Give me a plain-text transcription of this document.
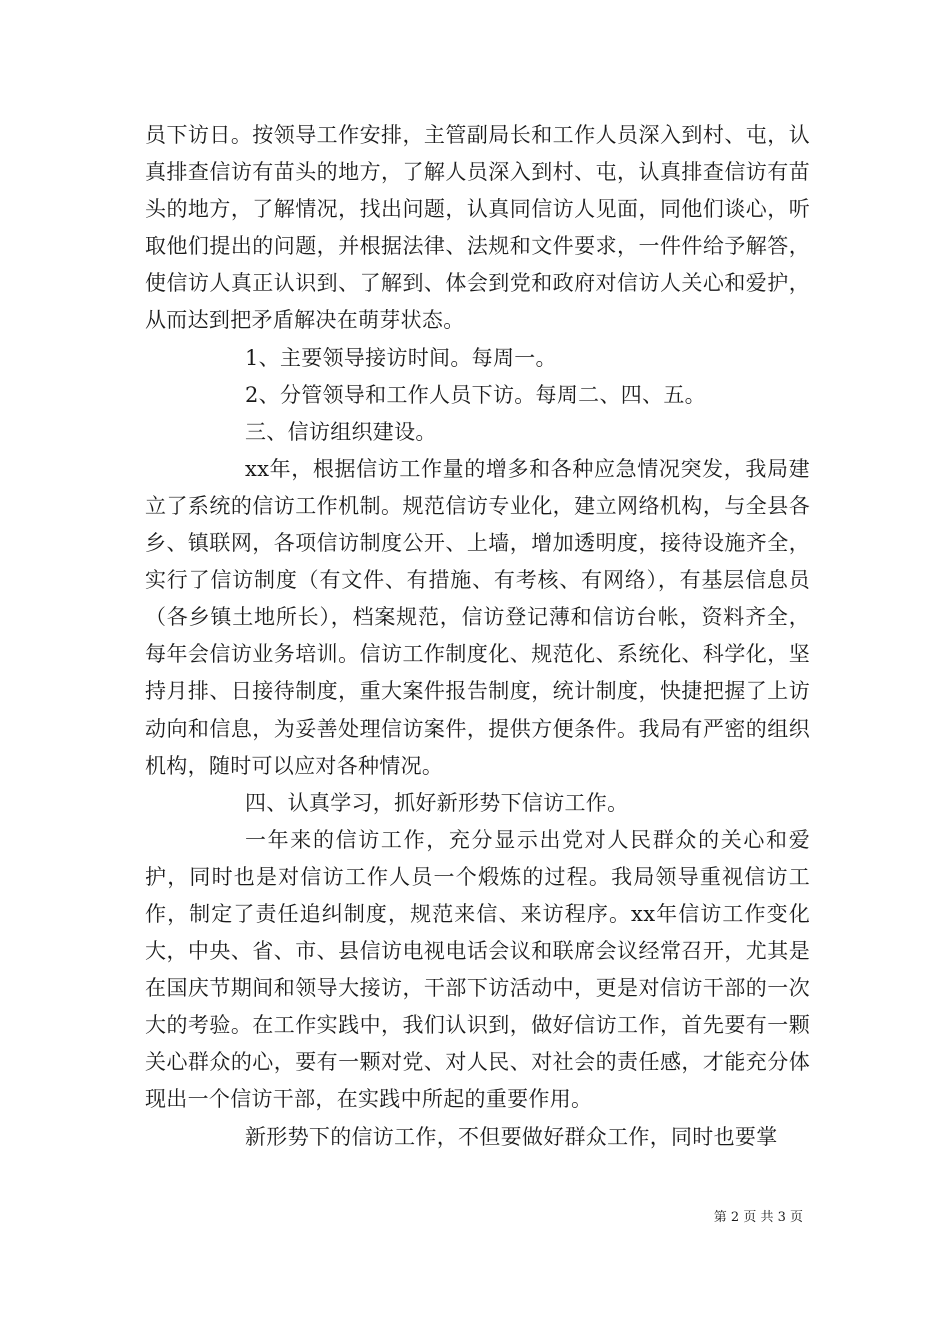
员下访日。按领导工作安排，主管副局长和工作人员深入到村、屯，认真排查信访有苗头的地方，了解人员深入到村、屯，认真排查信访有苗头的地方，了解情况，找出问题，认真同信访人见面，同他们谈心，听取他们提出的问题，并根据法律、法规和文件要求，一件件给予解答，使信访人真正认识到、了解到、体会到党和政府对信访人关心和爱护，从而达到把矛盾解决在萌芽状态。

1、主要领导接访时间。每周一。

2、分管领导和工作人员下访。每周二、四、五。

三、信访组织建设。

xx年，根据信访工作量的增多和各种应急情况突发，我局建立了系统的信访工作机制。规范信访专业化，建立网络机构，与全县各乡、镇联网，各项信访制度公开、上墙，增加透明度，接待设施齐全，实行了信访制度（有文件、有措施、有考核、有网络），有基层信息员（各乡镇土地所长），档案规范，信访登记薄和信访台帐，资料齐全，每年会信访业务培训。信访工作制度化、规范化、系统化、科学化，坚持月排、日接待制度，重大案件报告制度，统计制度，快捷把握了上访动向和信息，为妥善处理信访案件，提供方便条件。我局有严密的组织机构，随时可以应对各种情况。

四、认真学习，抓好新形势下信访工作。

一年来的信访工作，充分显示出党对人民群众的关心和爱护，同时也是对信访工作人员一个煅炼的过程。我局领导重视信访工作，制定了责任追纠制度，规范来信、来访程序。xx年信访工作变化大，中央、省、市、县信访电视电话会议和联席会议经常召开，尤其是在国庆节期间和领导大接访，干部下访活动中，更是对信访干部的一次大的考验。在工作实践中，我们认识到，做好信访工作，首先要有一颗关心群众的心，要有一颗对党、对人民、对社会的责任感，才能充分体现出一个信访干部，在实践中所起的重要作用。

新形势下的信访工作，不但要做好群众工作，同时也要掌

第 2 页 共 3 页
